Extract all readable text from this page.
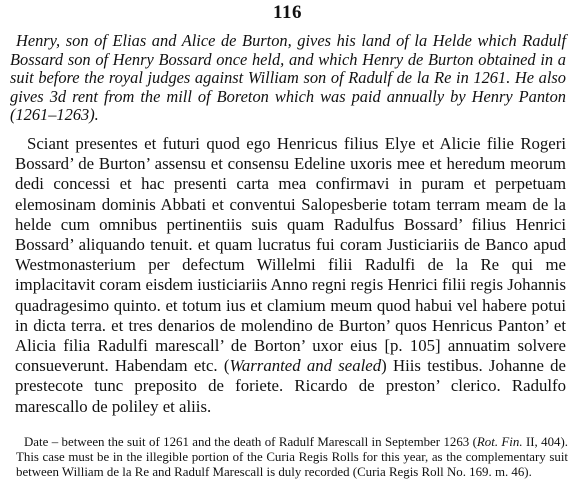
116

Henry, son of Elias and Alice de Burton, gives his land of la Helde which Radulf Bossard son of Henry Bossard once held, and which Henry de Burton obtained in a suit before the royal judges against William son of Radulf de la Re in 1261. He also gives 3d rent from the mill of Boreton which was paid annually by Henry Panton (1261–1263).

Sciant presentes et futuri quod ego Henricus filius Elye et Alicie filie Rogeri Bossard’ de Burton’ assensu et consensu Edeline uxoris mee et heredum meorum dedi concessi et hac presenti carta mea confirmavi in puram et perpetuam elemosinam dominis Abbati et conventui Salopesberie totam terram meam de la helde cum omnibus pertinentiis suis quam Radulfus Bossard’ filius Henrici Bossard’ aliquando tenuit. et quam lucratus fui coram Justiciariis de Banco apud Westmonasterium per defectum Willelmi filii Radulfi de la Re qui me implacitavit coram eisdem iusticiariis Anno regni regis Henrici filii regis Johannis quadragesimo quinto. et totum ius et clamium meum quod habui vel habere potui in dicta terra. et tres denarios de molendino de Burton’ quos Henricus Panton’ et Alicia filia Radulfi marescall’ de Borton’ uxor eius [p. 105] annuatim solvere consueverunt. Habendam etc. (Warranted and sealed) Hiis testibus. Johanne de prestecote tunc preposito de foriete. Ricardo de preston’ clerico. Radulfo marescallo de poliley et aliis.

Date – between the suit of 1261 and the death of Radulf Marescall in September 1263 (Rot. Fin. II, 404). This case must be in the illegible portion of the Curia Regis Rolls for this year, as the complementary suit between William de la Re and Radulf Marescall is duly recorded (Curia Regis Roll No. 169. m. 46).
